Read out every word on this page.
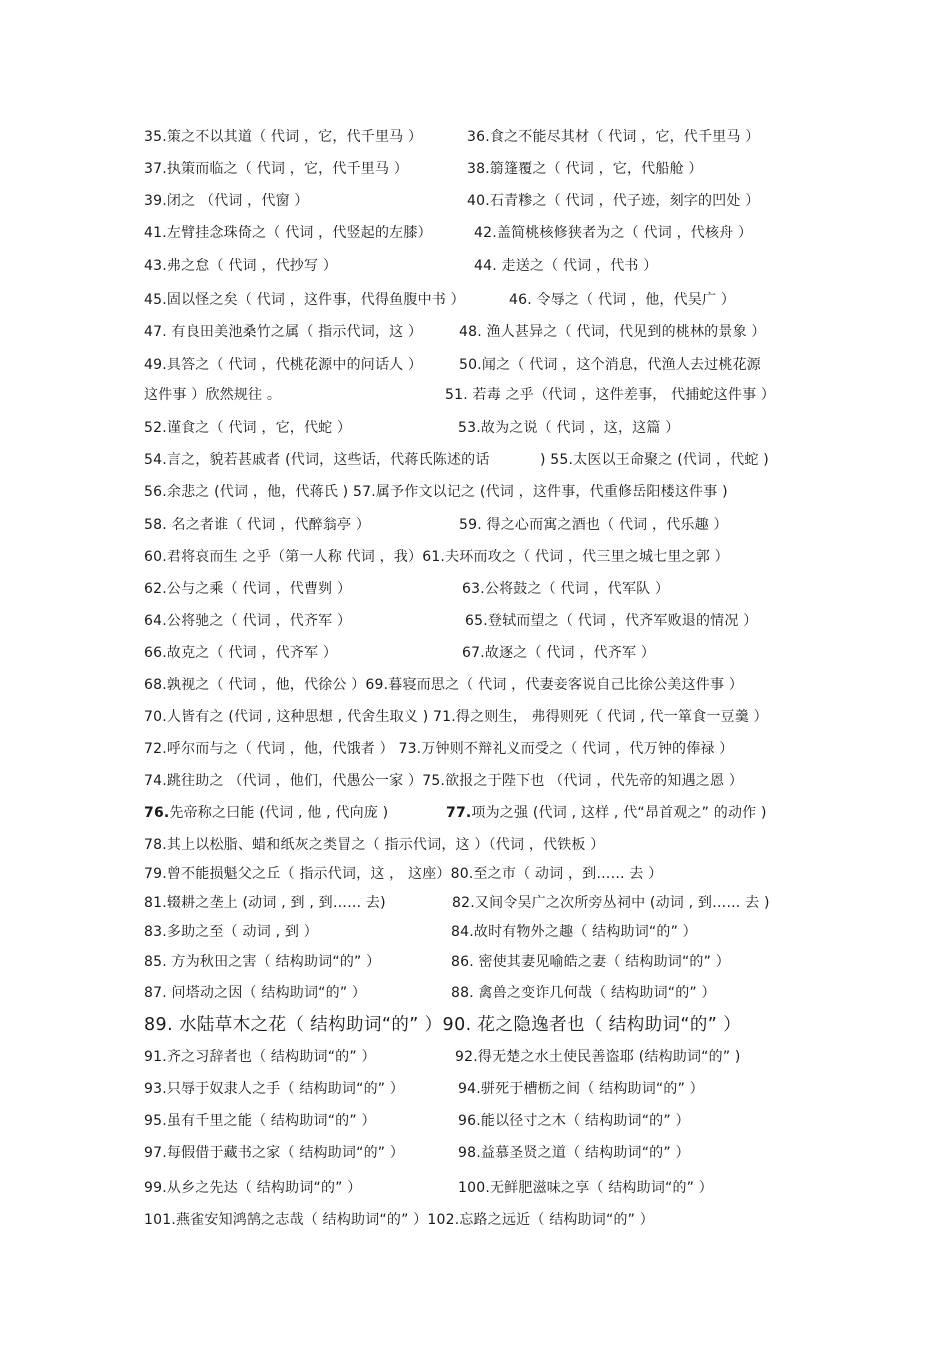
35.策之不以其道（ 代词 ，它，代千里马 ）	36.食之不能尽其材（ 代词 ，它，代千里马 ）
37.执策而临之（ 代词 ，它，代千里马 ）	38.篛篷覆之（ 代词 ，它，代船舱 ）
39.闭之 （代词 ，代窗 ）	40.石青糁之（ 代词 ，代子迹，刻字的凹处 ）
41.左臂挂念珠倚之（ 代词 ，代竖起的左膝）	42.盖简桃核修狭者为之（ 代词 ，代核舟 ）
43.弗之怠（ 代词 ，代抄写 ）	44. 走送之（ 代词 ，代书 ）
45.固以怪之矣（ 代词 ，这件事，代得鱼腹中书 ）	46. 令辱之（ 代词 ，他，代吴广 ）
47. 有良田美池桑竹之属（ 指示代词，这 ）	48. 渔人甚异之（ 代词，代见到的桃林的景象 ）
49.具答之（ 代词 ，代桃花源中的问话人 ）	50.闻之（ 代词 ，这个消息，代渔人去过桃花源
这件事 ）欣然规往 。	51. 若毒 之乎（代词 ，这件差事， 代捕蛇这件事 ）
52.谨食之（ 代词 ，它，代蛇 ）	53.故为之说（ 代词 ，这，这篇 ）
54.言之，貌若甚戚者 (代词，这些话，代蒋氏陈述的话	) 55.太医以王命聚之 (代词 ，代蛇 )
56.余悲之 (代词 ，他，代蒋氏 ) 57.属予作文以记之 (代词 ，这件事，代重修岳阳楼这件事 )
58. 名之者谁（ 代词 ，代醉翁亭 ）	59. 得之心而寓之酒也（ 代词 ，代乐趣 ）
60.君将哀而生 之乎（第一人称 代词 ，我）61.夫环而攻之（ 代词 ，代三里之城七里之郭 ）
62.公与之乘（ 代词 ，代曹刿 ）	63.公将鼓之（ 代词 ，代军队 ）
64.公将驰之（ 代词 ，代齐军 ）	65.登轼而望之（ 代词 ，代齐军败退的情况 ）
66.故克之（ 代词 ，代齐军 ）	67.故逐之（ 代词 ，代齐军 ）
68.孰视之（ 代词 ，他，代徐公 ）69.暮寝而思之（ 代词 ，代妻妾客说自己比徐公美这件事 ）
70.人皆有之 (代词 , 这种思想 , 代舍生取义 ) 71.得之则生， 弗得则死（ 代词 , 代一箪食一豆羹 ）
72.呼尔而与之（ 代词 ，他，代饿者 ） 73.万钟则不辩礼义而受之（ 代词 ，代万钟的俸禄 ）
74.跳往助之 （代词 ，他们，代愚公一家 ）75.欲报之于陛下也 （代词 ，代先帝的知遇之恩 ）
76.先帝称之曰能 (代词 , 他 , 代向庞 )	77.项为之强 (代词 , 这样 , 代“昂首观之” 的动作 )
78.其上以松脂、蜡和纸灰之类冒之（ 指示代词，这 ）（代词 ，代铁板 ）
79.曾不能损魁父之丘（ 指示代词，这 ， 这座）80.至之市（ 动词 ，到…… 去 ）
81.辍耕之垄上 (动词 , 到 , 到…… 去)	82.又间令吴广之次所旁丛祠中 (动词 , 到…… 去 )
83.多助之至（ 动词 , 到 ）	84.故时有物外之趣（ 结构助词“的” ）
85. 方为秋田之害（ 结构助词“的” ）	86. 密使其妻见喻皓之妻（ 结构助词“的” ）
87. 问塔动之因（ 结构助词“的” ）	88. 禽兽之变诈几何哉（ 结构助词“的” ）
89. 水陆草木之花（ 结构助词“的” ）90. 花之隐逸者也（ 结构助词“的” ）
91.齐之习辞者也（ 结构助词“的” ）	92.得无楚之水土使民善盗耶 (结构助词“的” )
93.只辱于奴隶人之手（ 结构助词“的” ）	94.骈死于槽枥之间（ 结构助词“的” ）
95.虽有千里之能（ 结构助词“的” ）	96.能以径寸之木（ 结构助词“的” ）
97.每假借于藏书之家（ 结构助词“的” ）	98.益慕圣贤之道（ 结构助词“的” ）
99.从乡之先达（ 结构助词“的” ）	100.无鲜肥滋味之享（ 结构助词“的” ）
101.燕雀安知鸿鹄之志哉（ 结构助词“的” ）102.忘路之远近（ 结构助词“的” ）
